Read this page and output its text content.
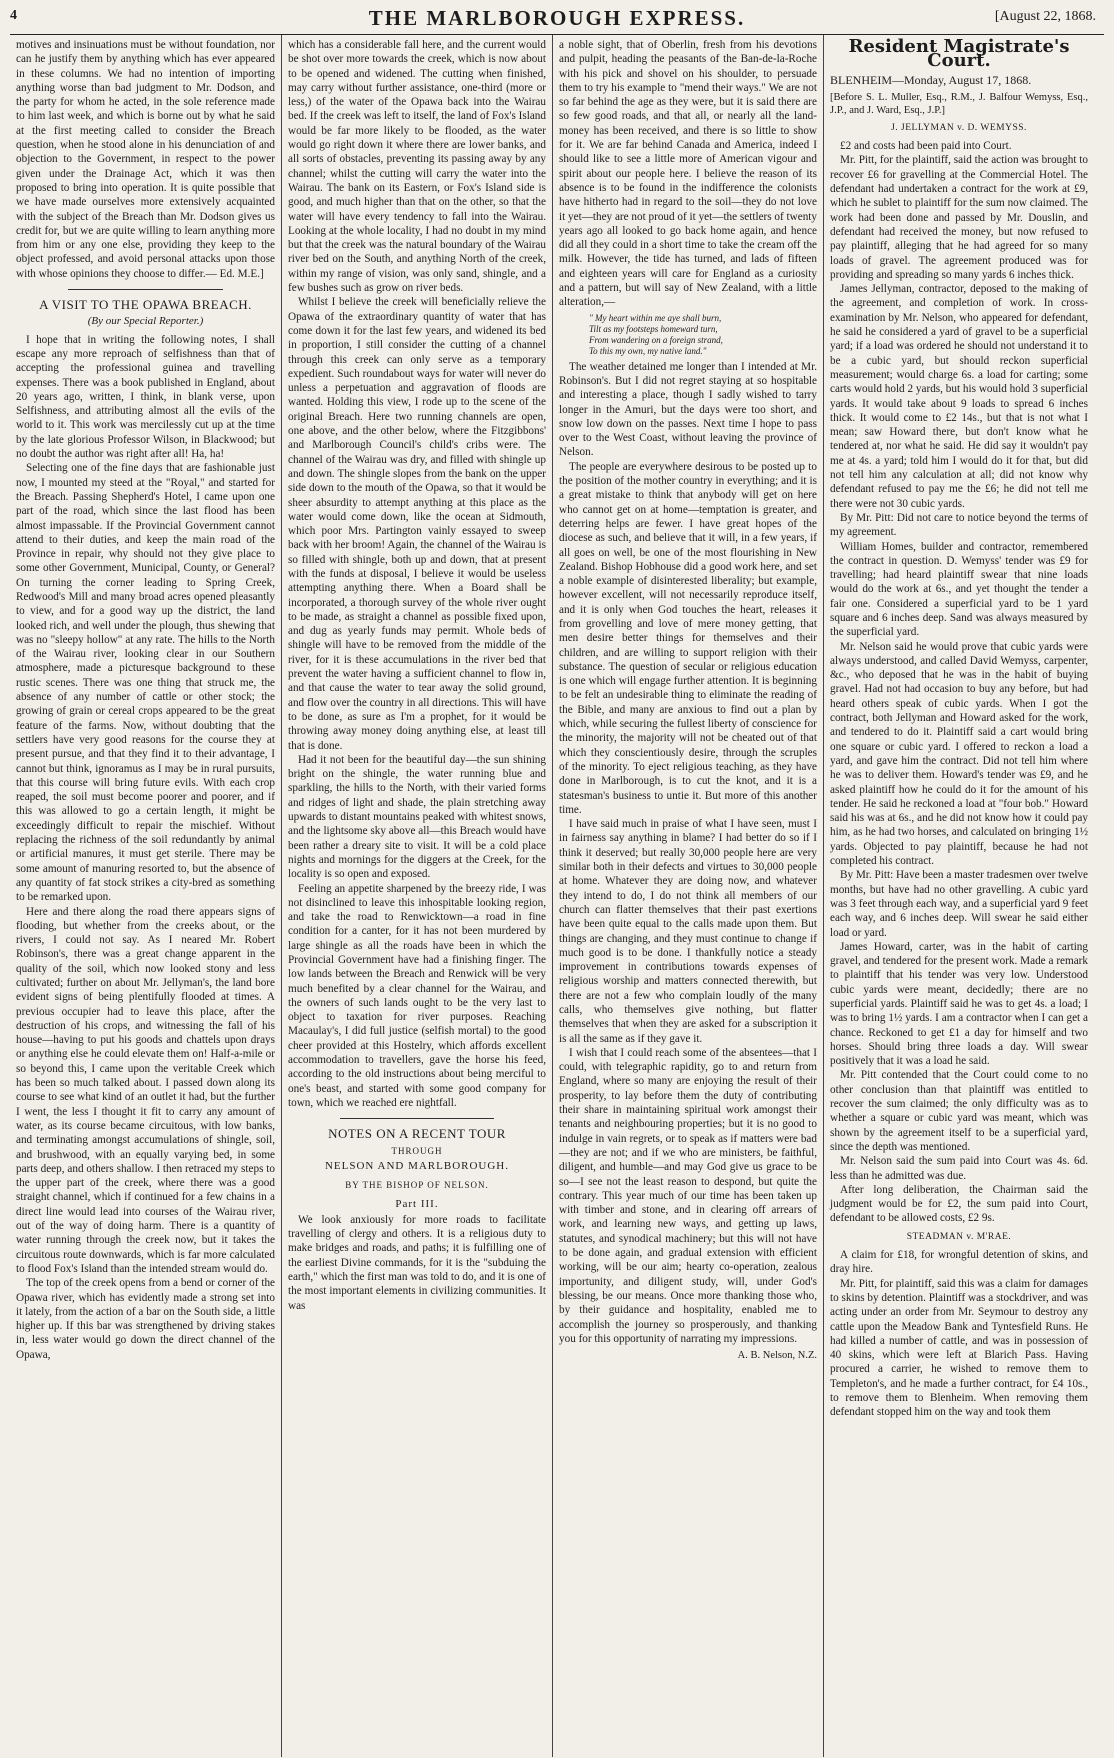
4	THE MARLBOROUGH EXPRESS.	[August 22, 1868.

motives and insinuations must be without foundation, nor can he justify them by anything which has ever appeared in these columns. We had no intention of importing anything worse than bad judgment to Mr. Dodson, and the party for whom he acted, in the sole reference made to him last week, and which is borne out by what he said at the first meeting called to consider the Breach question, when he stood alone in his denunciation of and objection to the Government, in respect to the power given under the Drainage Act, which it was then proposed to bring into operation. It is quite possible that we have made ourselves more extensively acquainted with the subject of the Breach than Mr. Dodson gives us credit for, but we are quite willing to learn anything more from him or any one else, providing they keep to the object professed, and avoid personal attacks upon those with whose opinions they choose to differ.— Ed. M.E.]

A VISIT TO THE OPAWA BREACH.
(By our Special Reporter.)

I hope that in writing the following notes, I shall escape any more reproach of selfishness than that of accepting the professional guinea and travelling expenses. There was a book published in England, about 20 years ago, written, I think, in blank verse, upon Selfishness, and attributing almost all the evils of the world to it. This work was mercilessly cut up at the time by the late glorious Professor Wilson, in Blackwood; but no doubt the author was right after all! Ha, ha!

Selecting one of the fine days that are fashionable just now, I mounted my steed at the "Royal," and started for the Breach. Passing Shepherd's Hotel, I came upon one part of the road, which since the last flood has been almost impassable. If the Provincial Government cannot attend to their duties, and keep the main road of the Province in repair, why should not they give place to some other Government, Municipal, County, or General? On turning the corner leading to Spring Creek, Redwood's Mill and many broad acres opened pleasantly to view, and for a good way up the district, the land looked rich, and well under the plough, thus shewing that was no "sleepy hollow" at any rate. The hills to the North of the Wairau river, looking clear in our Southern atmosphere, made a picturesque background to these rustic scenes. There was one thing that struck me, the absence of any number of cattle or other stock; the growing of grain or cereal crops appeared to be the great feature of the farms. Now, without doubting that the settlers have very good reasons for the course they at present pursue, and that they find it to their advantage, I cannot but think, ignoramus as I may be in rural pursuits, that this course will bring future evils. With each crop reaped, the soil must become poorer and poorer, and if this was allowed to go a certain length, it might be exceedingly difficult to repair the mischief. Without replacing the richness of the soil redundantly by animal or artificial manures, it must get sterile. There may be some amount of manuring resorted to, but the absence of any quantity of fat stock strikes a city-bred as something to be remarked upon.

Here and there along the road there appears signs of flooding, but whether from the creeks about, or the rivers, I could not say. As I neared Mr. Robert Robinson's, there was a great change apparent in the quality of the soil, which now looked stony and less cultivated; further on about Mr. Jellyman's, the land bore evident signs of being plentifully flooded at times. A previous occupier had to leave this place, after the destruction of his crops, and witnessing the fall of his house—having to put his goods and chattels upon drays or anything else he could elevate them on! Half-a-mile or so beyond this, I came upon the veritable Creek which has been so much talked about. I passed down along its course to see what kind of an outlet it had, but the further I went, the less I thought it fit to carry any amount of water, as its course became circuitous, with low banks, and terminating amongst accumulations of shingle, soil, and brushwood, with an equally varying bed, in some parts deep, and others shallow. I then retraced my steps to the upper part of the creek, where there was a good straight channel, which if continued for a few chains in a direct line would lead into courses of the Wairau river, out of the way of doing harm. There is a quantity of water running through the creek now, but it takes the circuitous route downwards, which is far more calculated to flood Fox's Island than the intended stream would do.

The top of the creek opens from a bend or corner of the Opawa river, which has evidently made a strong set into it lately, from the action of a bar on the South side, a little higher up. If this bar was strengthened by driving stakes in, less water would go down the direct channel of the Opawa,

which has a considerable fall here, and the current would be shot over more towards the creek, which is now about to be opened and widened. The cutting when finished, may carry without further assistance, one-third (more or less,) of the water of the Opawa back into the Wairau bed. If the creek was left to itself, the land of Fox's Island would be far more likely to be flooded, as the water would go right down it where there are lower banks, and all sorts of obstacles, preventing its passing away by any channel; whilst the cutting will carry the water into the Wairau. The bank on its Eastern, or Fox's Island side is good, and much higher than that on the other, so that the water will have every tendency to fall into the Wairau. Looking at the whole locality, I had no doubt in my mind but that the creek was the natural boundary of the Wairau river bed on the South, and anything North of the creek, within my range of vision, was only sand, shingle, and a few bushes such as grow on river beds.

Whilst I believe the creek will beneficially relieve the Opawa of the extraordinary quantity of water that has come down it for the last few years, and widened its bed in proportion, I still consider the cutting of a channel through this creek can only serve as a temporary expedient. Such roundabout ways for water will never do unless a perpetuation and aggravation of floods are wanted. Holding this view, I rode up to the scene of the original Breach. Here two running channels are open, one above, and the other below, where the Fitzgibbons' and Marlborough Council's child's cribs were. The channel of the Wairau was dry, and filled with shingle up and down. The shingle slopes from the bank on the upper side down to the mouth of the Opawa, so that it would be sheer absurdity to attempt anything at this place as the water would come down, like the ocean at Sidmouth, which poor Mrs. Partington vainly essayed to sweep back with her broom! Again, the channel of the Wairau is so filled with shingle, both up and down, that at present with the funds at disposal, I believe it would be useless attempting anything there. When a Board shall be incorporated, a thorough survey of the whole river ought to be made, as straight a channel as possible fixed upon, and dug as yearly funds may permit. Whole beds of shingle will have to be removed from the middle of the river, for it is these accumulations in the river bed that prevent the water having a sufficient channel to flow in, and that cause the water to tear away the solid ground, and flow over the country in all directions. This will have to be done, as sure as I'm a prophet, for it would be throwing away money doing anything else, at least till that is done.

Had it not been for the beautiful day—the sun shining bright on the shingle, the water running blue and sparkling, the hills to the North, with their varied forms and ridges of light and shade, the plain stretching away upwards to distant mountains peaked with whitest snows, and the lightsome sky above all—this Breach would have been rather a dreary site to visit. It will be a cold place nights and mornings for the diggers at the Creek, for the locality is so open and exposed.

Feeling an appetite sharpened by the breezy ride, I was not disinclined to leave this inhospitable looking region, and take the road to Renwicktown—a road in fine condition for a canter, for it has not been murdered by large shingle as all the roads have been in which the Provincial Government have had a finishing finger. The low lands between the Breach and Renwick will be very much benefited by a clear channel for the Wairau, and the owners of such lands ought to be the very last to object to taxation for river purposes. Reaching Macaulay's, I did full justice (selfish mortal) to the good cheer provided at this Hostelry, which affords excellent accommodation to travellers, gave the horse his feed, according to the old instructions about being merciful to one's beast, and started with some good company for town, which we reached ere nightfall.

NOTES ON A RECENT TOUR
THROUGH
NELSON AND MARLBOROUGH.
BY THE BISHOP OF NELSON.
Part III.

We look anxiously for more roads to facilitate travelling of clergy and others. It is a religious duty to make bridges and roads, and paths; it is fulfilling one of the earliest Divine commands, for it is the "subduing the earth," which the first man was told to do, and it is one of the most important elements in civilizing communities. It was

a noble sight, that of Oberlin, fresh from his devotions and pulpit, heading the peasants of the Ban-de-la-Roche with his pick and shovel on his shoulder, to persuade them to try his example to "mend their ways." We are not so far behind the age as they were, but it is said there are so few good roads, and that all, or nearly all the land-money has been received, and there is so little to show for it. We are far behind Canada and America, indeed I should like to see a little more of American vigour and spirit about our people here. I believe the reason of its absence is to be found in the indifference the colonists have hitherto had in regard to the soil—they do not love it yet—they are not proud of it yet—the settlers of twenty years ago all looked to go back home again, and hence did all they could in a short time to take the cream off the milk. However, the tide has turned, and lads of fifteen and eighteen years will care for England as a curiosity and a pattern, but will say of New Zealand, with a little alteration,—

" My heart within me aye shall burn,
Tilt as my footsteps homeward turn,
From wandering on a foreign strand,
To this my own, my native land."

The weather detained me longer than I intended at Mr. Robinson's. But I did not regret staying at so hospitable and interesting a place, though I sadly wished to tarry longer in the Amuri, but the days were too short, and snow low down on the passes. Next time I hope to pass over to the West Coast, without leaving the province of Nelson.

The people are everywhere desirous to be posted up to the position of the mother country in everything; and it is a great mistake to think that anybody will get on here who cannot get on at home—temptation is greater, and deterring helps are fewer. I have great hopes of the diocese as such, and believe that it will, in a few years, if all goes on well, be one of the most flourishing in New Zealand. Bishop Hobhouse did a good work here, and set a noble example of disinterested liberality; but example, however excellent, will not necessarily reproduce itself, and it is only when God touches the heart, releases it from grovelling and love of mere money getting, that men desire better things for themselves and their children, and are willing to support religion with their substance. The question of secular or religious education is one which will engage further attention. It is beginning to be felt an undesirable thing to eliminate the reading of the Bible, and many are anxious to find out a plan by which, while securing the fullest liberty of conscience for the minority, the majority will not be cheated out of that which they conscientiously desire, through the scruples of the minority. To eject religious teaching, as they have done in Marlborough, is to cut the knot, and it is a statesman's business to untie it. But more of this another time.

I have said much in praise of what I have seen, must I in fairness say anything in blame? I had better do so if I think it deserved; but really 30,000 people here are very similar both in their defects and virtues to 30,000 people at home. Whatever they are doing now, and whatever they intend to do, I do not think all members of our church can flatter themselves that their past exertions have been quite equal to the calls made upon them. But things are changing, and they must continue to change if much good is to be done. I thankfully notice a steady improvement in contributions towards expenses of religious worship and matters connected therewith, but there are not a few who complain loudly of the many calls, who themselves give nothing, but flatter themselves that when they are asked for a subscription it is all the same as if they gave it.

I wish that I could reach some of the absentees—that I could, with telegraphic rapidity, go to and return from England, where so many are enjoying the result of their prosperity, to lay before them the duty of contributing their share in maintaining spiritual work amongst their tenants and neighbouring properties; but it is no good to indulge in vain regrets, or to speak as if matters were bad—they are not; and if we who are ministers, be faithful, diligent, and humble—and may God give us grace to be so—I see not the least reason to despond, but quite the contrary. This year much of our time has been taken up with timber and stone, and in clearing off arrears of work, and learning new ways, and getting up laws, statutes, and synodical machinery; but this will not have to be done again, and gradual extension with efficient working, will be our aim; hearty co-operation, zealous importunity, and diligent study, will, under God's blessing, be our means. Once more thanking those who, by their guidance and hospitality, enabled me to accomplish the journey so prosperously, and thanking you for this opportunity of narrating my impressions.

A. B. Nelson, N.Z.
Resident Magistrate's Court.
BLENHEIM—Monday, August 17, 1868.
[Before S. L. Muller, Esq., R.M., J. Balfour Wemyss, Esq., J.P., and J. Ward, Esq., J.P.]
J. JELLYMAN v. D. WEMYSS.

£2 and costs had been paid into Court.

Mr. Pitt, for the plaintiff, said the action was brought to recover £6 for gravelling at the Commercial Hotel. The defendant had undertaken a contract for the work at £9, which he sublet to plaintiff for the sum now claimed. The work had been done and passed by Mr. Douslin, and defendant had received the money, but now refused to pay plaintiff, alleging that he had agreed for so many loads of gravel. The agreement produced was for providing and spreading so many yards 6 inches thick.

James Jellyman, contractor, deposed to the making of the agreement, and completion of work. In cross-examination by Mr. Nelson, who appeared for defendant, he said he considered a yard of gravel to be a superficial yard; if a load was ordered he should not understand it to be a cubic yard, but should reckon superficial measurement; would charge 6s. a load for carting; some carts would hold 2 yards, but his would hold 3 superficial yards. It would take about 9 loads to spread 6 inches thick. It would come to £2 14s., but that is not what I mean; saw Howard there, but don't know what he tendered at, nor what he said. He did say it wouldn't pay me at 4s. a yard; told him I would do it for that, but did not tell him any calculation at all; did not know why defendant refused to pay me the £6; he did not tell me there were not 30 cubic yards.

By Mr. Pitt: Did not care to notice beyond the terms of my agreement.

William Homes, builder and contractor, remembered the contract in question. D. Wemyss' tender was £9 for travelling; had heard plaintiff swear that nine loads would do the work at 6s., and yet thought the tender a fair one. Considered a superficial yard to be 1 yard square and 6 inches deep. Sand was always measured by the superficial yard.

Mr. Nelson said he would prove that cubic yards were always understood, and called David Wemyss, carpenter, &c., who deposed that he was in the habit of buying gravel. Had not had occasion to buy any before, but had heard others speak of cubic yards. When I got the contract, both Jellyman and Howard asked for the work, and tendered to do it. Plaintiff said a cart would bring one square or cubic yard. I offered to reckon a load a yard, and gave him the contract. Did not tell him where he was to deliver them. Howard's tender was £9, and he asked plaintiff how he could do it for the amount of his tender. He said he reckoned a load at "four bob." Howard said his was at 6s., and he did not know how it could pay him, as he had two horses, and calculated on bringing 1½ yards. Objected to pay plaintiff, because he had not completed his contract.

By Mr. Pitt: Have been a master tradesmen over twelve months, but have had no other gravelling. A cubic yard was 3 feet through each way, and a superficial yard 9 feet each way, and 6 inches deep. Will swear he said either load or yard.

James Howard, carter, was in the habit of carting gravel, and tendered for the present work. Made a remark to plaintiff that his tender was very low. Understood cubic yards were meant, decidedly; there are no superficial yards. Plaintiff said he was to get 4s. a load; I was to bring 1½ yards. I am a contractor when I can get a chance. Reckoned to get £1 a day for himself and two horses. Should bring three loads a day. Will swear positively that it was a load he said.

Mr. Pitt contended that the Court could come to no other conclusion than that plaintiff was entitled to recover the sum claimed; the only difficulty was as to whether a square or cubic yard was meant, which was shown by the agreement itself to be a superficial yard, since the depth was mentioned.

Mr. Nelson said the sum paid into Court was 4s. 6d. less than he admitted was due.

After long deliberation, the Chairman said the judgment would be for £2, the sum paid into Court, defendant to be allowed costs, £2 9s.

STEADMAN v. M'RAE.

A claim for £18, for wrongful detention of skins, and dray hire.

Mr. Pitt, for plaintiff, said this was a claim for damages to skins by detention. Plaintiff was a stockdriver, and was acting under an order from Mr. Seymour to destroy any cattle upon the Meadow Bank and Tyntesfield Runs. He had killed a number of cattle, and was in possession of 40 skins, which were left at Blarich Pass. Having procured a carrier, he wished to remove them to Templeton's, and he made a further contract, for £4 10s., to remove them to Blenheim. When removing them defendant stopped him on the way and took them
